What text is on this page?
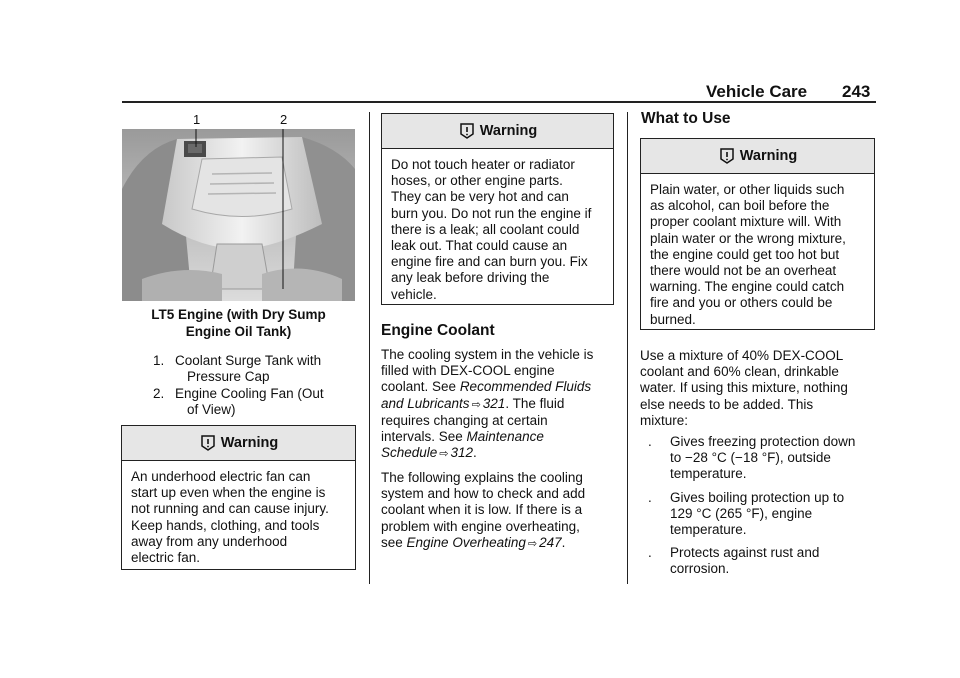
Vehicle Care 243
1	2
LT5 Engine (with Dry Sump
Engine Oil Tank)
1. Coolant Surge Tank with
Pressure Cap
2. Engine Cooling Fan (Out
of View)
Warning
An underhood electric fan can
start up even when the engine is
not running and can cause injury.
Keep hands, clothing, and tools
away from any underhood
electric fan.
Warning
Do not touch heater or radiator
hoses, or other engine parts.
They can be very hot and can
burn you. Do not run the engine if
there is a leak; all coolant could
leak out. That could cause an
engine fire and can burn you. Fix
any leak before driving the
vehicle.
Engine Coolant
The cooling system in the vehicle is
filled with DEX-COOL engine
coolant. See Recommended Fluids
and Lubricants ⇨ 321. The fluid
requires changing at certain
intervals. See Maintenance
Schedule ⇨ 312.
The following explains the cooling
system and how to check and add
coolant when it is low. If there is a
problem with engine overheating,
see Engine Overheating ⇨ 247.
What to Use
Warning
Plain water, or other liquids such
as alcohol, can boil before the
proper coolant mixture will. With
plain water or the wrong mixture,
the engine could get too hot but
there would not be an overheat
warning. The engine could catch
fire and you or others could be
burned.
Use a mixture of 40% DEX-COOL
coolant and 60% clean, drinkable
water. If using this mixture, nothing
else needs to be added. This
mixture:
.	Gives freezing protection down
to −28 °C (−18 °F), outside
temperature.
.	Gives boiling protection up to
129 °C (265 °F), engine
temperature.
.	Protects against rust and
corrosion.
